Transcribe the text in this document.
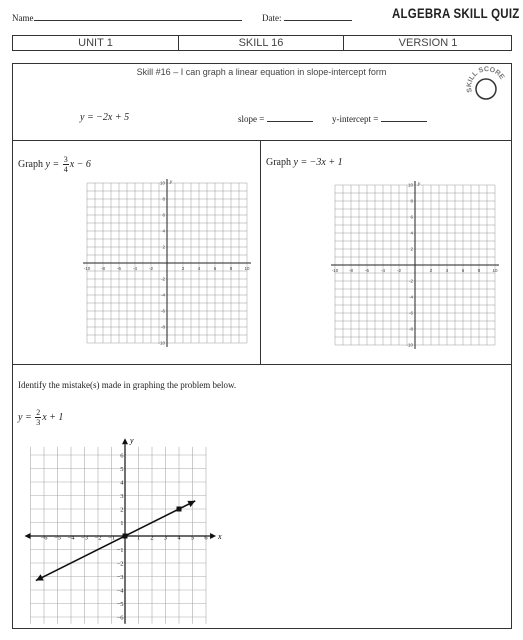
Name	Date:	ALGEBRA SKILL QUIZ
UNIT 1	SKILL 16	VERSION 1
Skill #16 – I can graph a linear equation in slope-intercept form
SKILL SCORE
y = −2x + 5	slope =	y-intercept =
Graph
y =
$\frac{3}{4}$ x − 6	Graph y = −3x + 1
y
-10 -8	-6	-4	-2	2	4	6	8	10
10
8
6
4
2
-2
-4
-6
-8
-10
y
-10 -8	-6	-4	-2	2	4	6	8	10
10
8
6
4
2
-2
-4
-6
-8
-10
Identify the mistake(s) made in graphing the problem below.
y =
$\frac{2}{3}$ x + 1
x
y
−6 −5 −4 −3 −2 −1	1 2 3 4 5 6
6
5
4
3
2
1
−1
−2
−3
−4
−5
−6
